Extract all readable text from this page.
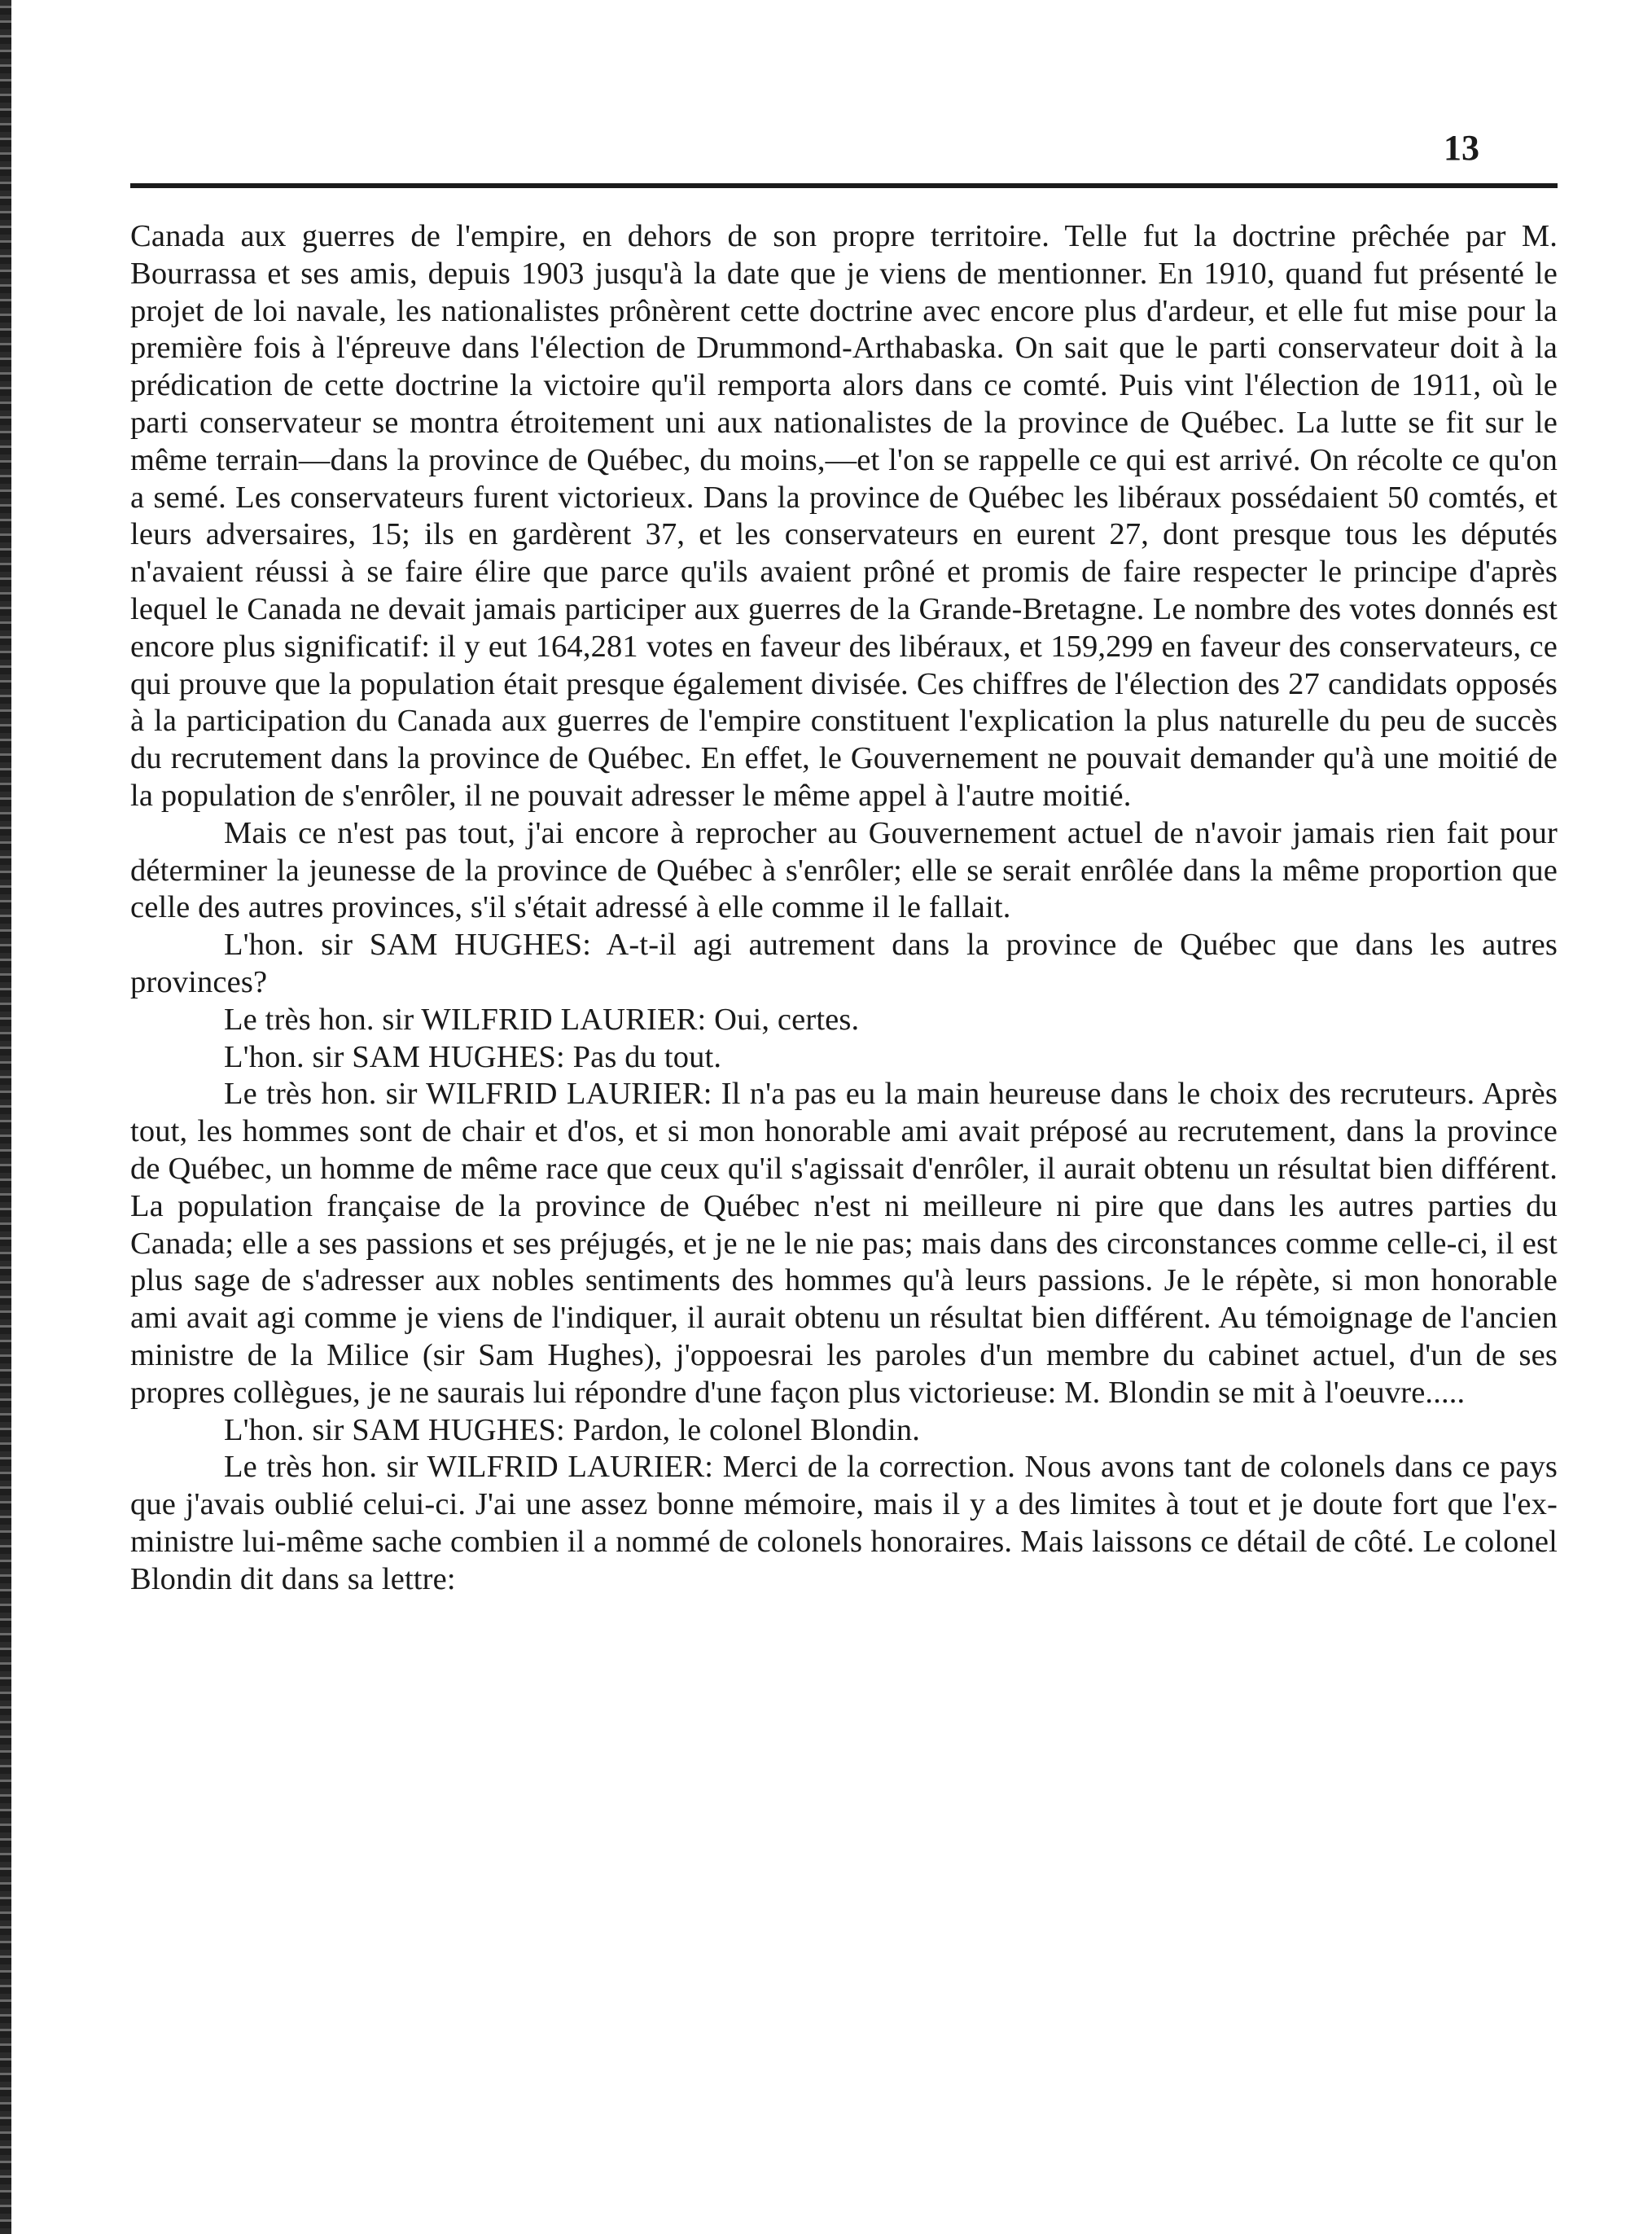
13

Canada aux guerres de l'empire, en dehors de son propre territoire. Telle fut la doctrine prêchée par M. Bourrassa et ses amis, depuis 1903 jusqu'à la date que je viens de mentionner. En 1910, quand fut présenté le projet de loi navale, les nationalistes prônèrent cette doctrine avec encore plus d'ardeur, et elle fut mise pour la première fois à l'épreuve dans l'élection de Drummond-Arthabaska. On sait que le parti conservateur doit à la prédication de cette doctrine la victoire qu'il remporta alors dans ce comté. Puis vint l'élection de 1911, où le parti conservateur se montra étroitement uni aux nationalistes de la province de Québec. La lutte se fit sur le même terrain—dans la province de Québec, du moins,—et l'on se rappelle ce qui est arrivé. On récolte ce qu'on a semé. Les conservateurs furent victorieux. Dans la province de Québec les libéraux possédaient 50 comtés, et leurs adversaires, 15; ils en gardèrent 37, et les conservateurs en eurent 27, dont presque tous les députés n'avaient réussi à se faire élire que parce qu'ils avaient prôné et promis de faire respecter le principe d'après lequel le Canada ne devait jamais participer aux guerres de la Grande-Bretagne. Le nombre des votes donnés est encore plus significatif: il y eut 164,281 votes en faveur des libéraux, et 159,299 en faveur des conservateurs, ce qui prouve que la population était presque également divisée. Ces chiffres de l'élection des 27 candidats opposés à la participation du Canada aux guerres de l'empire constituent l'explication la plus naturelle du peu de succès du recrutement dans la province de Québec. En effet, le Gouvernement ne pouvait demander qu'à une moitié de la population de s'enrôler, il ne pouvait adresser le même appel à l'autre moitié.

Mais ce n'est pas tout, j'ai encore à reprocher au Gouvernement actuel de n'avoir jamais rien fait pour déterminer la jeunesse de la province de Québec à s'enrôler; elle se serait enrôlée dans la même proportion que celle des autres provinces, s'il s'était adressé à elle comme il le fallait.

L'hon. sir SAM HUGHES: A-t-il agi autrement dans la province de Québec que dans les autres provinces?

Le très hon. sir WILFRID LAURIER: Oui, certes.

L'hon. sir SAM HUGHES: Pas du tout.

Le très hon. sir WILFRID LAURIER: Il n'a pas eu la main heureuse dans le choix des recruteurs. Après tout, les hommes sont de chair et d'os, et si mon honorable ami avait préposé au recrutement, dans la province de Québec, un homme de même race que ceux qu'il s'agissait d'enrôler, il aurait obtenu un résultat bien différent. La population française de la province de Québec n'est ni meilleure ni pire que dans les autres parties du Canada; elle a ses passions et ses préjugés, et je ne le nie pas; mais dans des circonstances comme celle-ci, il est plus sage de s'adresser aux nobles sentiments des hommes qu'à leurs passions. Je le répète, si mon honorable ami avait agi comme je viens de l'indiquer, il aurait obtenu un résultat bien différent. Au témoignage de l'ancien ministre de la Milice (sir Sam Hughes), j'oppoesrai les paroles d'un membre du cabinet actuel, d'un de ses propres collègues, je ne saurais lui répondre d'une façon plus victorieuse: M. Blondin se mit à l'oeuvre.....

L'hon. sir SAM HUGHES: Pardon, le colonel Blondin.

Le très hon. sir WILFRID LAURIER: Merci de la correction. Nous avons tant de colonels dans ce pays que j'avais oublié celui-ci. J'ai une assez bonne mémoire, mais il y a des limites à tout et je doute fort que l'ex-ministre lui-même sache combien il a nommé de colonels honoraires. Mais laissons ce détail de côté. Le colonel Blondin dit dans sa lettre:
